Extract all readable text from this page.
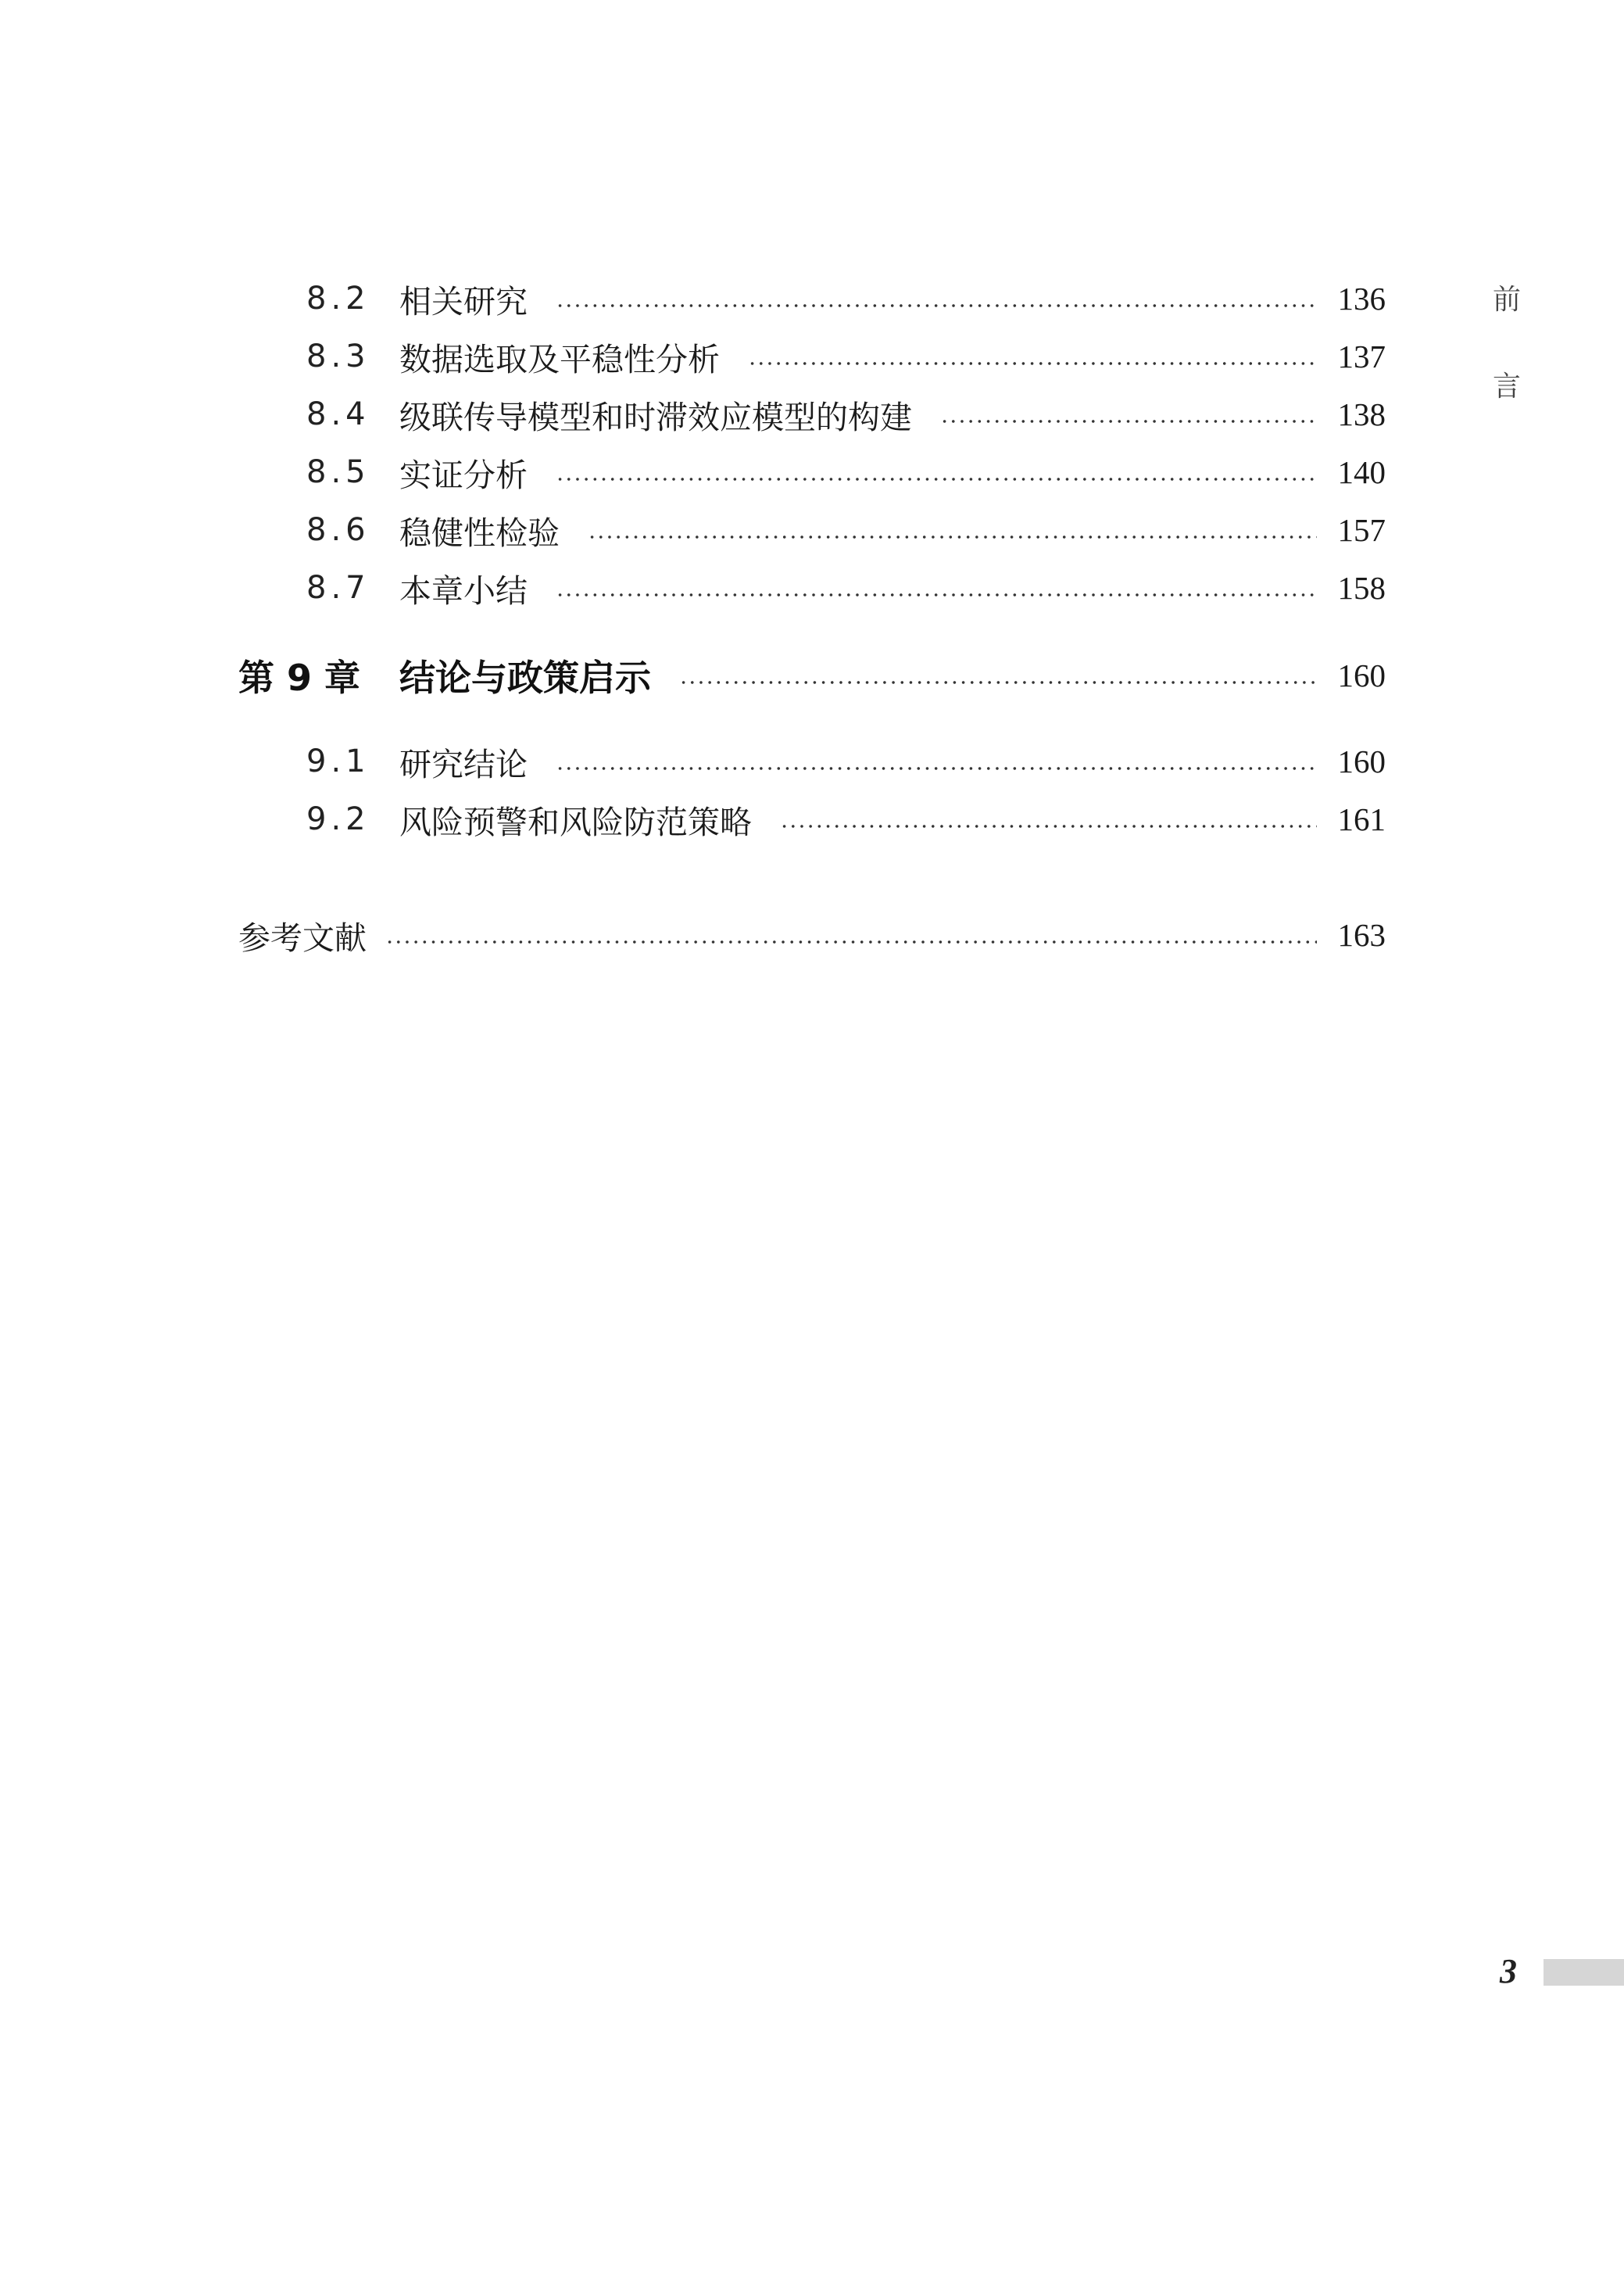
8.2 相关研究	136
8.3 数据选取及平稳性分析	137
8.4 级联传导模型和时滞效应模型的构建	138
8.5 实证分析	140
8.6 稳健性检验	157
8.7 本章小结	158
第 9 章	结论与政策启示	160
9.1 研究结论	160
9.2 风险预警和风险防范策略	161
参考文献	163
前
言
3
